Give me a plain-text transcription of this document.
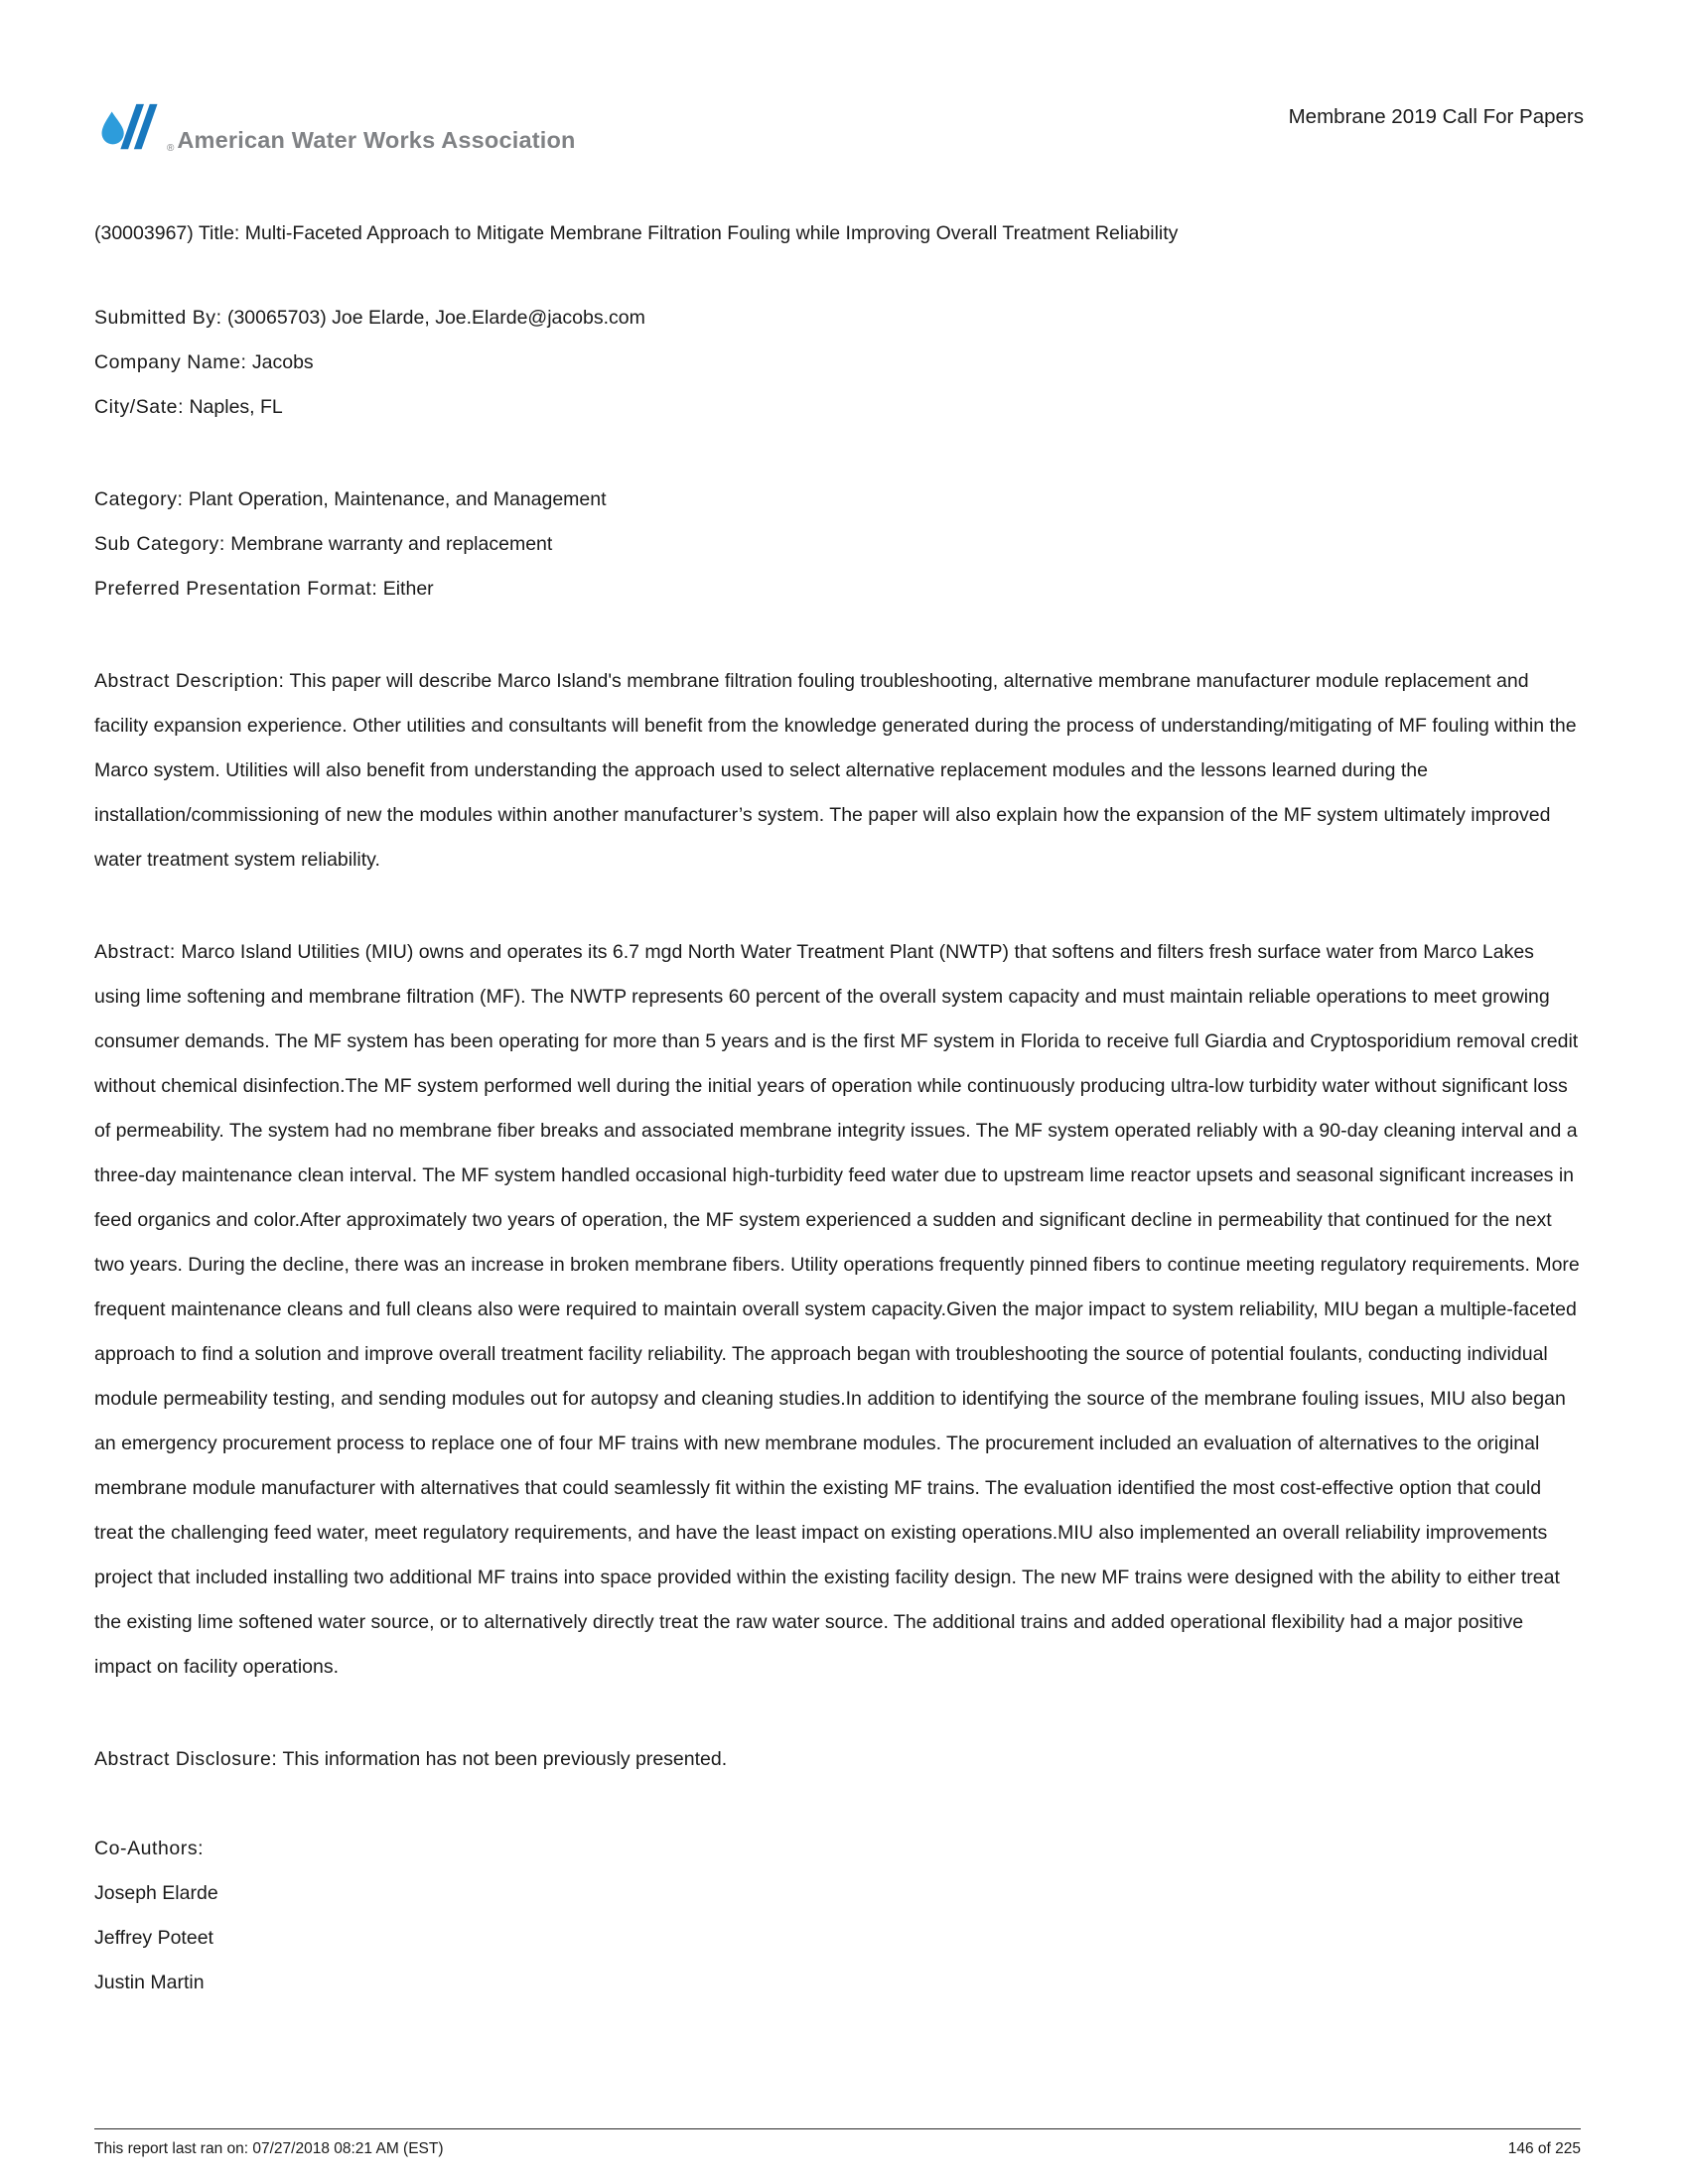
® American Water Works Association
Membrane 2019 Call For Papers
(30003967) Title: Multi-Faceted Approach to Mitigate Membrane Filtration Fouling while Improving Overall Treatment Reliability
Submitted By: (30065703) Joe Elarde, Joe.Elarde@jacobs.com
Company Name: Jacobs
City/Sate: Naples, FL
Category: Plant Operation, Maintenance, and Management
Sub Category: Membrane warranty and replacement
Preferred Presentation Format: Either
Abstract Description: This paper will describe Marco Island's membrane filtration fouling troubleshooting, alternative membrane manufacturer module replacement and facility expansion experience. Other utilities and consultants will benefit from the knowledge generated during the process of understanding/mitigating of MF fouling within the Marco system. Utilities will also benefit from understanding the approach used to select alternative replacement modules and the lessons learned during the installation/commissioning of new the modules within another manufacturer’s system. The paper will also explain how the expansion of the MF system ultimately improved water treatment system reliability.
Abstract: Marco Island Utilities (MIU) owns and operates its 6.7 mgd North Water Treatment Plant (NWTP) that softens and filters fresh surface water from Marco Lakes using lime softening and membrane filtration (MF). The NWTP represents 60 percent of the overall system capacity and must maintain reliable operations to meet growing consumer demands. The MF system has been operating for more than 5 years and is the first MF system in Florida to receive full Giardia and Cryptosporidium removal credit without chemical disinfection.The MF system performed well during the initial years of operation while continuously producing ultra-low turbidity water without significant loss of permeability. The system had no membrane fiber breaks and associated membrane integrity issues. The MF system operated reliably with a 90-day cleaning interval and a three-day maintenance clean interval. The MF system handled occasional high-turbidity feed water due to upstream lime reactor upsets and seasonal significant increases in feed organics and color.After approximately two years of operation, the MF system experienced a sudden and significant decline in permeability that continued for the next two years. During the decline, there was an increase in broken membrane fibers. Utility operations frequently pinned fibers to continue meeting regulatory requirements. More frequent maintenance cleans and full cleans also were required to maintain overall system capacity.Given the major impact to system reliability, MIU began a multiple-faceted approach to find a solution and improve overall treatment facility reliability. The approach began with troubleshooting the source of potential foulants, conducting individual module permeability testing, and sending modules out for autopsy and cleaning studies.In addition to identifying the source of the membrane fouling issues, MIU also began an emergency procurement process to replace one of four MF trains with new membrane modules. The procurement included an evaluation of alternatives to the original membrane module manufacturer with alternatives that could seamlessly fit within the existing MF trains. The evaluation identified the most cost-effective option that could treat the challenging feed water, meet regulatory requirements, and have the least impact on existing operations.MIU also implemented an overall reliability improvements project that included installing two additional MF trains into space provided within the existing facility design. The new MF trains were designed with the ability to either treat the existing lime softened water source, or to alternatively directly treat the raw water source. The additional trains and added operational flexibility had a major positive impact on facility operations.
Abstract Disclosure: This information has not been previously presented.
Co-Authors:
Joseph Elarde
Jeffrey Poteet
Justin Martin
This report last ran on: 07/27/2018 08:21 AM (EST)	146 of 225
